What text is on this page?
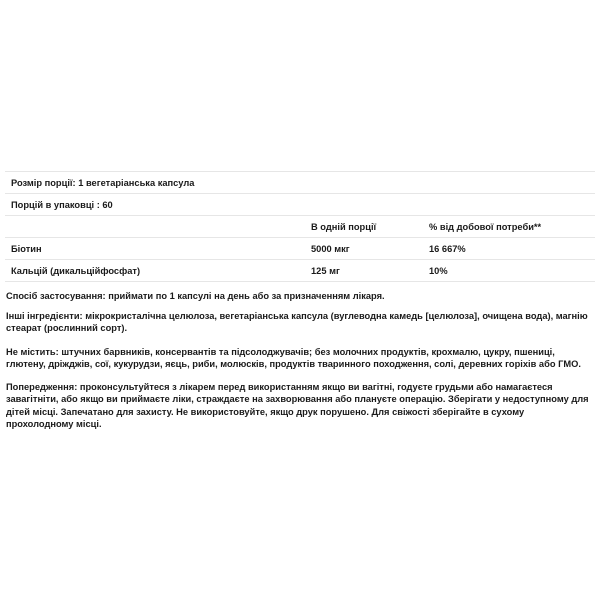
Розмір порції: 1 вегетаріанська капсула		
Порцій в упаковці : 60		
	В одній порції	% від добової потреби**
Біотин	5000 мкг	16 667%
Кальцій (дикальційфосфат)	125 мг	10%
Спосіб застосування: приймати по 1 капсулі на день або за призначенням лікаря.
Інші інгредієнти: мікрокристалічна целюлоза, вегетаріанська капсула (вуглеводна камедь [целюлоза], очищена вода), магнію стеарат (рослинний сорт).
Не містить: штучних барвників, консервантів та підсолоджувачів; без молочних продуктів, крохмалю, цукру, пшениці, глютену, дріжджів, сої, кукурудзи, яєць, риби, молюсків, продуктів тваринного походження, солі, деревних горіхів або ГМО.
Попередження: проконсультуйтеся з лікарем перед використанням якщо ви вагітні, годуєте грудьми або намагаєтеся завагітніти, або якщо ви приймаєте ліки, страждаєте на захворювання або плануєте операцію. Зберігати у недоступному для дітей місці. Запечатано для захисту. Не використовуйте, якщо друк порушено. Для свіжості зберігайте в сухому прохолодному місці.
